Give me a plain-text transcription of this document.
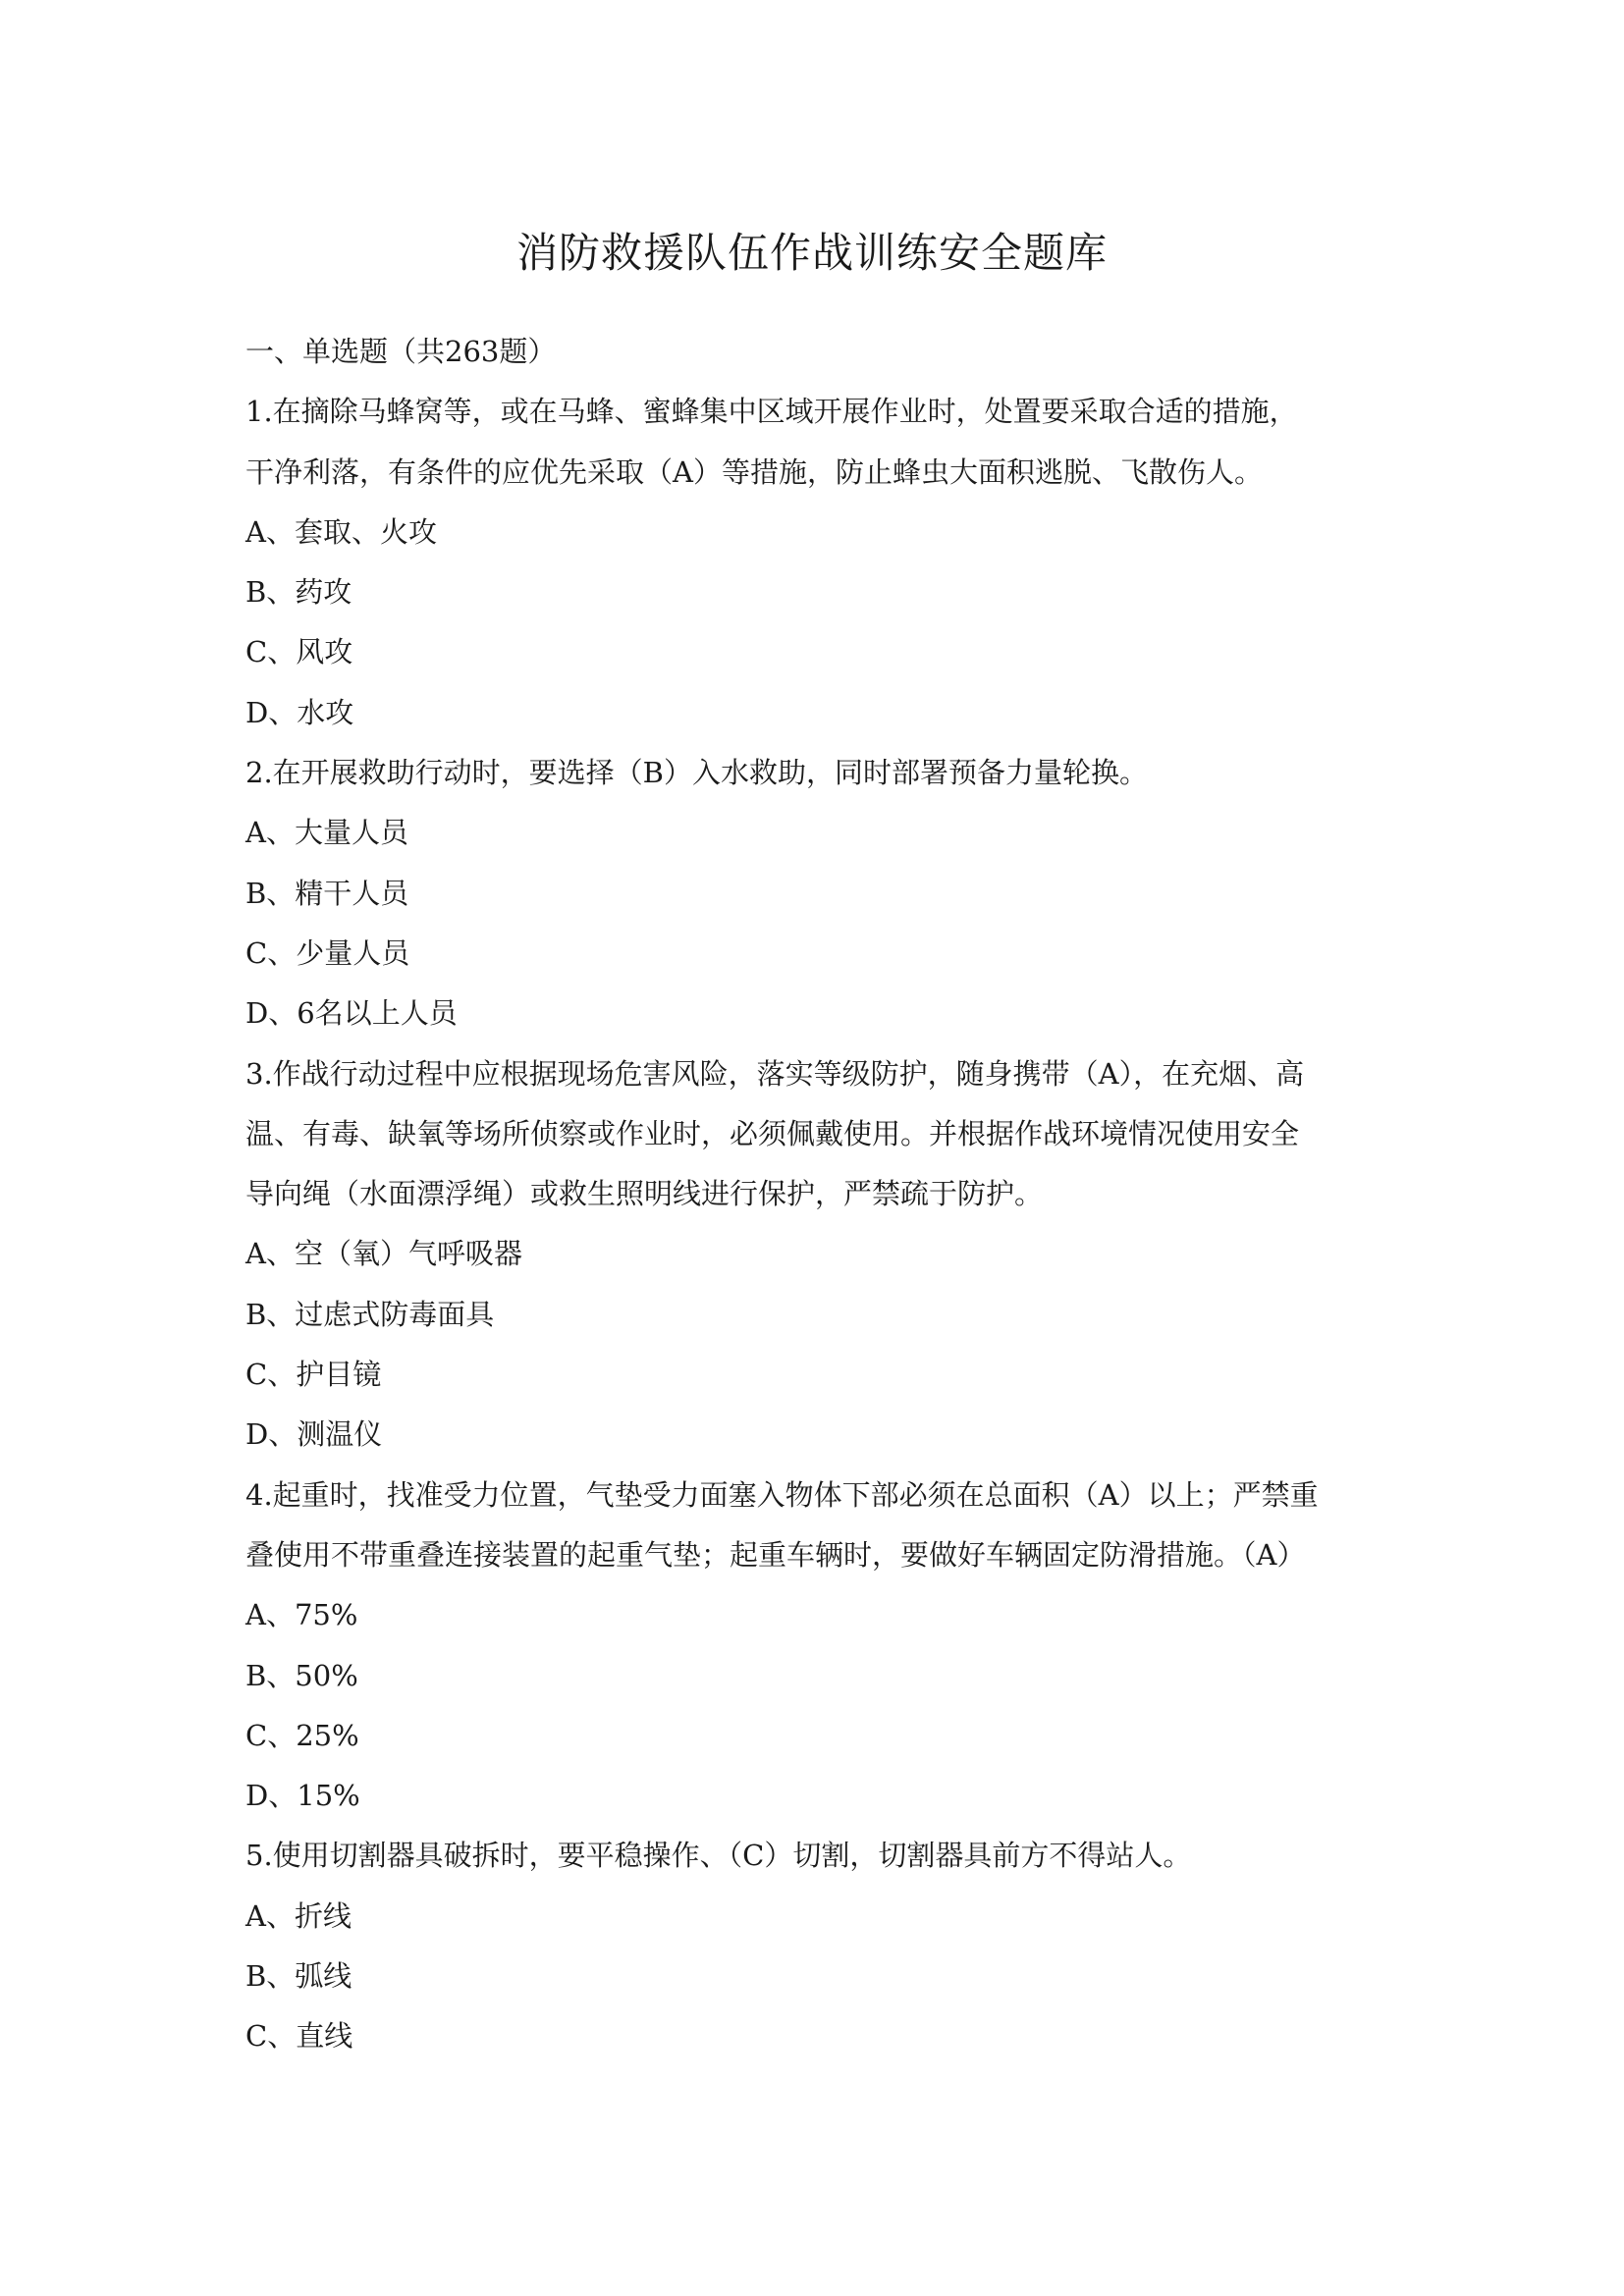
消防救援队伍作战训练安全题库

一、单选题（共263题）

1.在摘除马蜂窝等，或在马蜂、蜜蜂集中区域开展作业时，处置要采取合适的措施，

干净利落，有条件的应优先采取（A）等措施，防止蜂虫大面积逃脱、飞散伤人。

A、套取、火攻

B、药攻

C、风攻

D、水攻

2.在开展救助行动时，要选择（B）入水救助，同时部署预备力量轮换。

A、大量人员

B、精干人员

C、少量人员

D、6名以上人员

3.作战行动过程中应根据现场危害风险，落实等级防护，随身携带（A），在充烟、高

温、有毒、缺氧等场所侦察或作业时，必须佩戴使用。并根据作战环境情况使用安全

导向绳（水面漂浮绳）或救生照明线进行保护，严禁疏于防护。

A、空（氧）气呼吸器

B、过虑式防毒面具

C、护目镜

D、测温仪

4.起重时，找准受力位置，气垫受力面塞入物体下部必须在总面积（A）以上；严禁重

叠使用不带重叠连接装置的起重气垫；起重车辆时，要做好车辆固定防滑措施。（A）

A、75%

B、50%

C、25%

D、15%

5.使用切割器具破拆时，要平稳操作、（C）切割，切割器具前方不得站人。

A、折线

B、弧线

C、直线
